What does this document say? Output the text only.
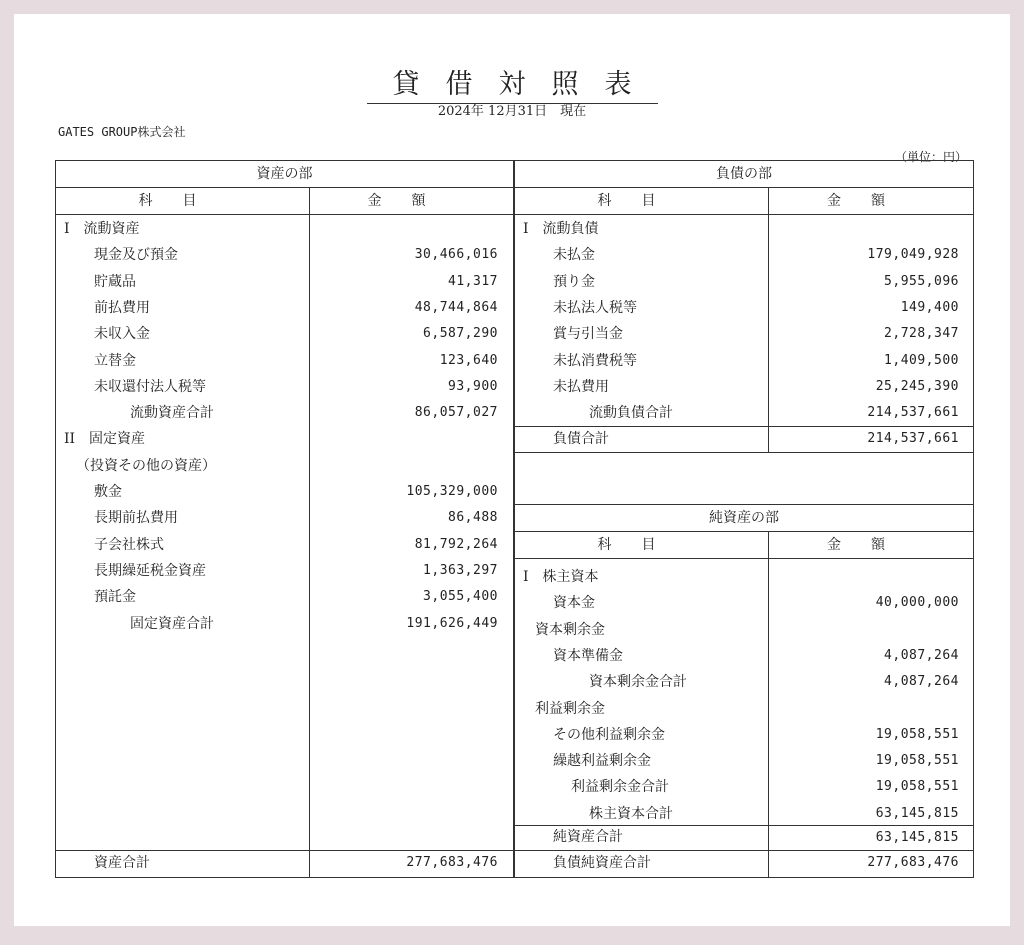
貸借対照表
2024年 12月31日　現在
GATES GROUP株式会社
（単位：円）
資産の部
科目	金額
I　流動資産
現金及び預金	30,466,016
貯蔵品	41,317
前払費用	48,744,864
未収入金	6,587,290
立替金	123,640
未収還付法人税等	93,900
流動資産合計	86,057,027
II　固定資産
（投資その他の資産）
敷金	105,329,000
長期前払費用	86,488
子会社株式	81,792,264
長期繰延税金資産	1,363,297
預託金	3,055,400
固定資産合計	191,626,449
資産合計	277,683,476
負債の部
科目	金額
I　流動負債
未払金	179,049,928
預り金	5,955,096
未払法人税等	149,400
賞与引当金	2,728,347
未払消費税等	1,409,500
未払費用	25,245,390
流動負債合計	214,537,661
負債合計	214,537,661
純資産の部
科目	金額
I　株主資本
資本金	40,000,000
資本剰余金
資本準備金	4,087,264
資本剰余金合計	4,087,264
利益剰余金
その他利益剰余金	19,058,551
繰越利益剰余金	19,058,551
利益剰余金合計	19,058,551
株主資本合計	63,145,815
純資産合計	63,145,815
負債純資産合計	277,683,476
